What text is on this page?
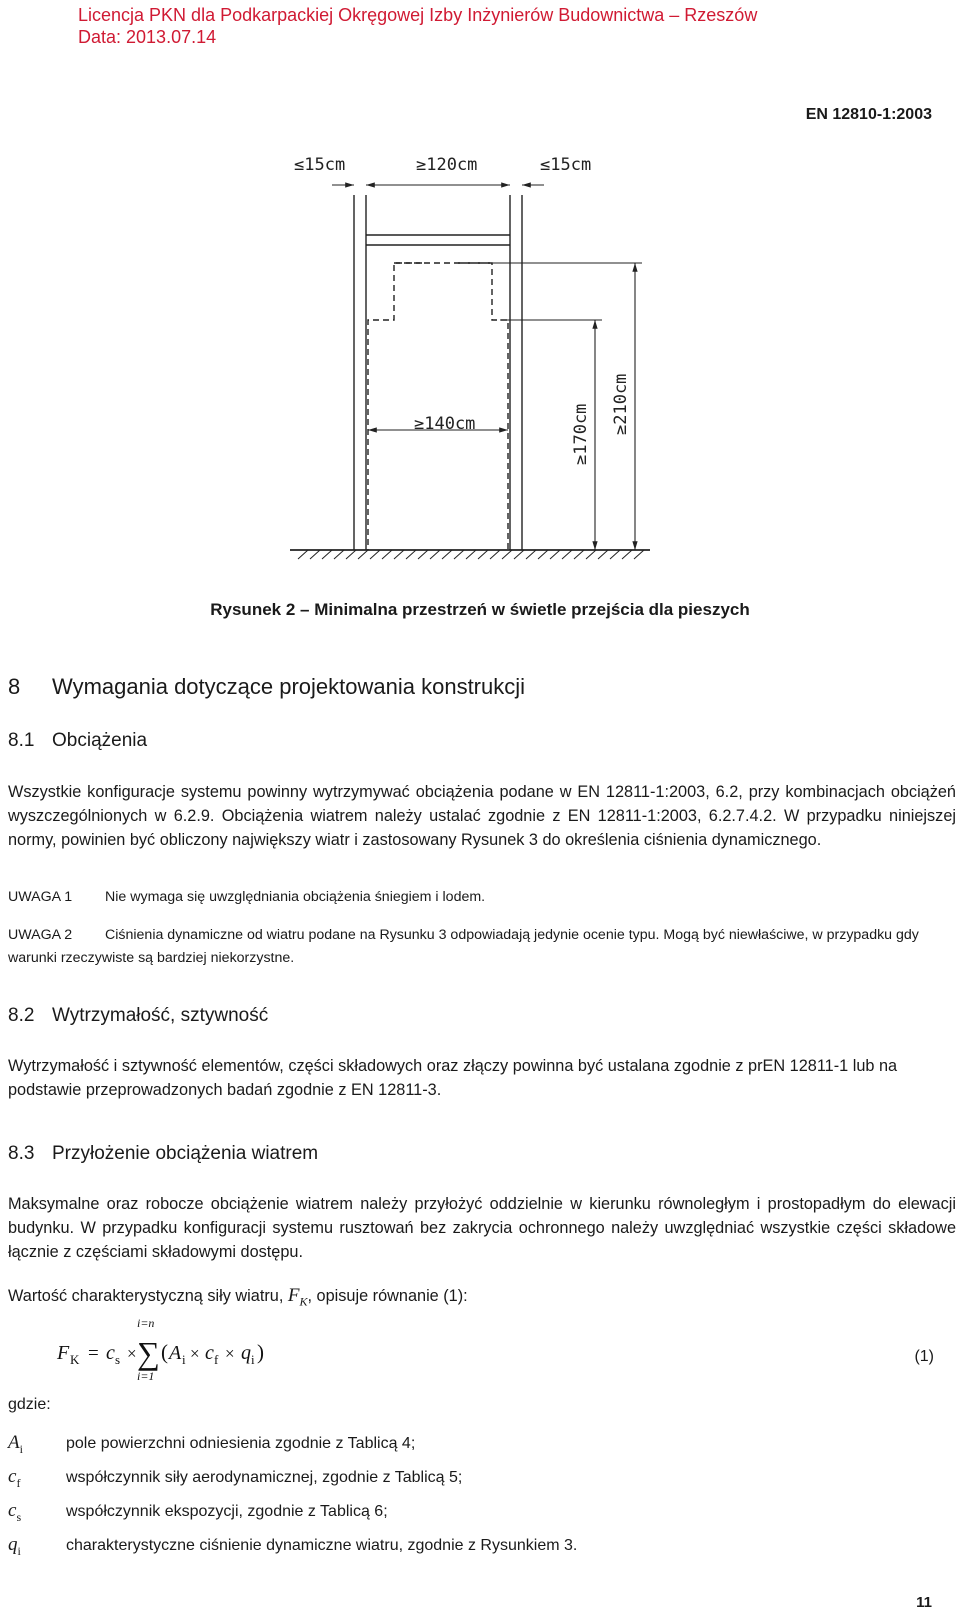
Licencja PKN dla Podkarpackiej Okręgowej Izby Inżynierów Budownictwa – Rzeszów
Data: 2013.07.14
EN 12810-1:2003
≤15cm	≥120cm	≤15cm
≥140cm	≥170cm ≥210cm
Rysunek 2 – Minimalna przestrzeń w świetle przejścia dla pieszych
8 Wymagania dotyczące projektowania konstrukcji
8.1 Obciążenia
Wszystkie konfiguracje systemu powinny wytrzymywać obciążenia podane w EN 12811-1:2003, 6.2, przy kombinacjach obciążeń wyszczególnionych w 6.2.9. Obciążenia wiatrem należy ustalać zgodnie z EN 12811-1:2003, 6.2.7.4.2. W przypadku niniejszej normy, powinien być obliczony największy wiatr i zastosowany Rysunek 3 do określenia ciśnienia dynamicznego.
UWAGA 1 Nie wymaga się uwzględniania obciążenia śniegiem i lodem.
UWAGA 2 Ciśnienia dynamiczne od wiatru podane na Rysunku 3 odpowiadają jedynie ocenie typu. Mogą być niewłaściwe, w przypadku gdy warunki rzeczywiste są bardziej niekorzystne.
8.2 Wytrzymałość, sztywność
Wytrzymałość i sztywność elementów, części składowych oraz złączy powinna być ustalana zgodnie z prEN 12811-1 lub na podstawie przeprowadzonych badań zgodnie z EN 12811-3.
8.3 Przyłożenie obciążenia wiatrem
Maksymalne oraz robocze obciążenie wiatrem należy przyłożyć oddzielnie w kierunku równoległym i prostopadłym do elewacji budynku. W przypadku konfiguracji systemu rusztowań bez zakrycia ochronnego należy uwzględniać wszystkie części składowe łącznie z częściami składowymi dostępu.
Wartość charakterystyczną siły wiatru, $F_K$, opisuje równanie (1):
F K = c s ×
i=n
∑
i=1
( A i × c f × q i )	(1)
gdzie:
$A_i$	pole powierzchni odniesienia zgodnie z Tablicą 4;
$c_f$	współczynnik siły aerodynamicznej, zgodnie z Tablicą 5;
$c_s$	współczynnik ekspozycji, zgodnie z Tablicą 6;
$q_i$	charakterystyczne ciśnienie dynamiczne wiatru, zgodnie z Rysunkiem 3.
11
